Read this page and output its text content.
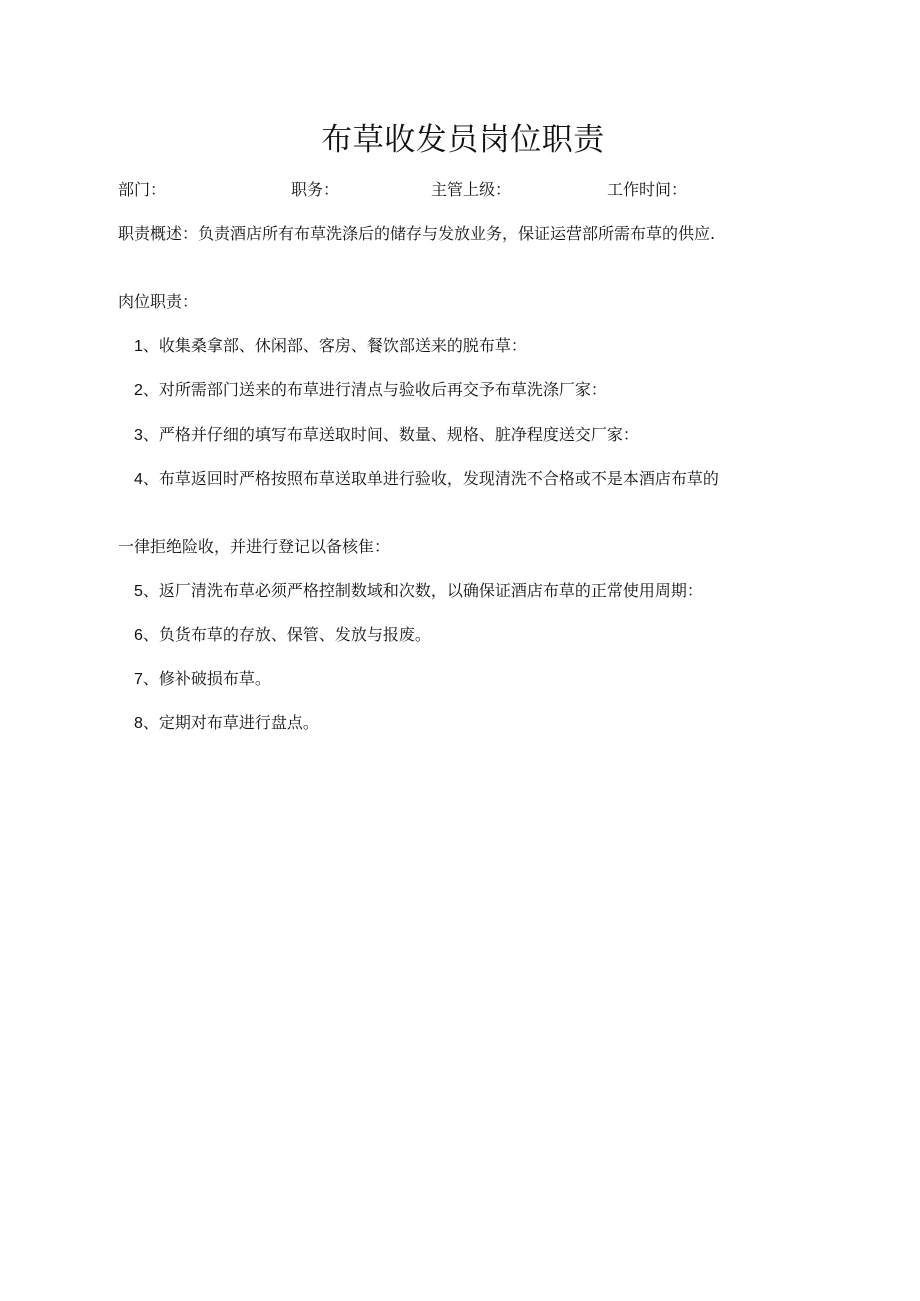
布草收发员岗位职责
部门：	职务：	主管上级：	工作时间：
职责概述：负责酒店所有布草洗涤后的储存与发放业务，保证运营部所需布草的供应.
肉位职责：
1、收集桑拿部、休闲部、客房、餐饮部送来的脱布草：
2、对所需部门送来的布草进行清点与验收后再交予布草洗涤厂家：
3、严格并仔细的填写布草送取时间、数量、规格、脏净程度送交厂家：
4、布草返回时严格按照布草送取单进行验收，发现清洗不合格或不是本酒店布草的
一律拒绝险收，并进行登记以备核隹：
5、返厂清洗布草必须严格控制数域和次数，以确保证酒店布草的正常使用周期：
6、负货布草的存放、保管、发放与报废。
7、修补破损布草。
8、定期对布草进行盘点。
